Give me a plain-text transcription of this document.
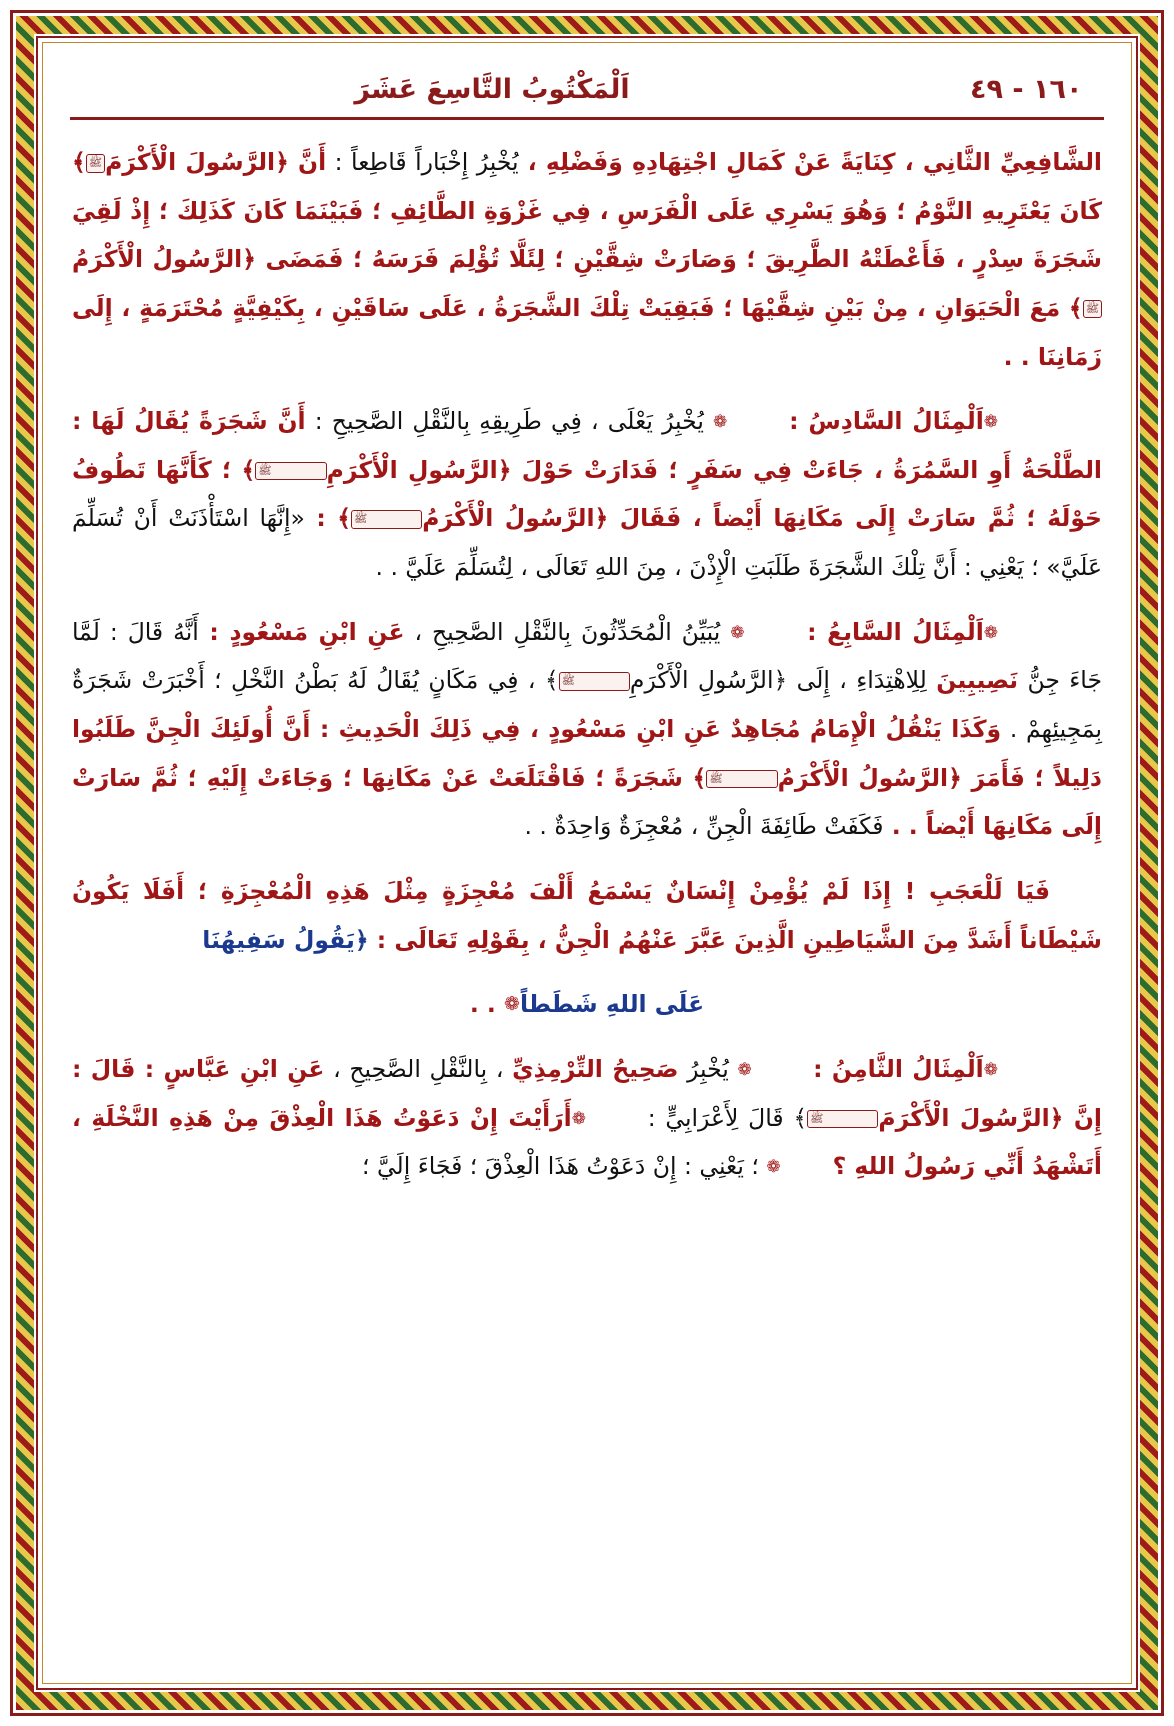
١٦٠ - ٤٩
اَلْمَكْتُوبُ التَّاسِعَ عَشَرَ

الشَّافِعِيِّ الثَّانِي ، كِنَايَةً عَنْ كَمَالِ اجْتِهَادِهِ وَفَضْلِهِ ، يُخْبِرُ إِخْبَاراً قَاطِعاً : أَنَّ ﴿الرَّسُولَ الْأَكْرَمَﷺ﴾ كَانَ يَعْتَرِيهِ النَّوْمُ ؛ وَهُوَ يَسْرِي عَلَى الْفَرَسِ ، فِي غَزْوَةِ الطَّائِفِ ؛ فَبَيْنَمَا كَانَ كَذَلِكَ ؛ إِذْ لَقِيَ شَجَرَةَ سِدْرٍ ، فَأَعْطَتْهُ الطَّرِيقَ ؛ وَصَارَتْ شِقَّيْنِ ؛ لِئَلَّا تُؤْلِمَ فَرَسَهُ ؛ فَمَضَى ﴿الرَّسُولُ الْأَكْرَمُﷺ﴾ مَعَ الْحَيَوَانِ ، مِنْ بَيْنِ شِقَّيْهَا ؛ فَبَقِيَتْ تِلْكَ الشَّجَرَةُ ، عَلَى سَاقَيْنِ ، بِكَيْفِيَّةٍ مُحْتَرَمَةٍ ، إِلَى زَمَانِنَا . .

❁اَلْمِثَالُ السَّادِسُ : ❁ يُخْبِرُ يَعْلَى ، فِي طَرِيقِهِ بِالنَّقْلِ الصَّحِيحِ : أَنَّ شَجَرَةً يُقَالُ لَهَا : الطَّلْحَةُ أَوِ السَّمُرَةُ ، جَاءَتْ فِي سَفَرٍ ؛ فَدَارَتْ حَوْلَ ﴿الرَّسُولِ الْأَكْرَمِﷺ﴾ ؛ كَأَنَّهَا تَطُوفُ حَوْلَهُ ؛ ثُمَّ سَارَتْ إِلَى مَكَانِهَا أَيْضاً ، فَقَالَ ﴿الرَّسُولُ الْأَكْرَمُﷺ﴾ : «إِنَّهَا اسْتَأْذَنَتْ أَنْ تُسَلِّمَ عَلَيَّ» ؛ يَعْنِي : أَنَّ تِلْكَ الشَّجَرَةَ طَلَبَتِ الْإِذْنَ ، مِنَ اللهِ تَعَالَى ، لِتُسَلِّمَ عَلَيَّ . .

❁اَلْمِثَالُ السَّابِعُ : ❁ يُبَيِّنُ الْمُحَدِّثُونَ بِالنَّقْلِ الصَّحِيحِ ، عَنِ ابْنِ مَسْعُودٍ : أَنَّهُ قَالَ : لَمَّا جَاءَ جِنُّ نَصِيبِينَ لِلِاهْتِدَاءِ ، إِلَى ﴿الرَّسُولِ الْأَكْرَمِﷺ﴾ ، فِي مَكَانٍ يُقَالُ لَهُ بَطْنُ النَّخْلِ ؛ أَخْبَرَتْ شَجَرَةٌ بِمَجِيئِهِمْ . وَكَذَا يَنْقُلُ الْإِمَامُ مُجَاهِدٌ عَنِ ابْنِ مَسْعُودٍ ، فِي ذَلِكَ الْحَدِيثِ : أَنَّ أُولَئِكَ الْجِنَّ طَلَبُوا دَلِيلاً ؛ فَأَمَرَ ﴿الرَّسُولُ الْأَكْرَمُﷺ﴾ شَجَرَةً ؛ فَاقْتَلَعَتْ عَنْ مَكَانِهَا ؛ وَجَاءَتْ إِلَيْهِ ؛ ثُمَّ سَارَتْ إِلَى مَكَانِهَا أَيْضاً . . فَكَفَتْ طَائِفَةَ الْجِنِّ ، مُعْجِزَةٌ وَاحِدَةٌ . .

فَيَا لَلْعَجَبِ ! إِذَا لَمْ يُؤْمِنْ إِنْسَانٌ يَسْمَعُ أَلْفَ مُعْجِزَةٍ مِثْلَ هَذِهِ الْمُعْجِزَةِ ؛ أَفَلَا يَكُونُ شَيْطَاناً أَشَدَّ مِنَ الشَّيَاطِينِ الَّذِينَ عَبَّرَ عَنْهُمُ الْجِنُّ ، بِقَوْلِهِ تَعَالَى : ﴿يَقُولُ سَفِيهُنَا

عَلَى اللهِ شَطَطاً❁ . .

❁اَلْمِثَالُ الثَّامِنُ : ❁ يُخْبِرُ صَحِيحُ التِّرْمِذِيِّ ، بِالنَّقْلِ الصَّحِيحِ ، عَنِ ابْنِ عَبَّاسٍ : قَالَ : إِنَّ ﴿الرَّسُولَ الْأَكْرَمَﷺ﴾ قَالَ لِأَعْرَابِيٍّ : ❁أَرَأَيْتَ إِنْ دَعَوْتُ هَذَا الْعِذْقَ مِنْ هَذِهِ النَّخْلَةِ ، أَتَشْهَدُ أَنِّي رَسُولُ اللهِ ؟❁ ؛ يَعْنِي : إِنْ دَعَوْتُ هَذَا الْعِذْقَ ؛ فَجَاءَ إِلَيَّ ؛
